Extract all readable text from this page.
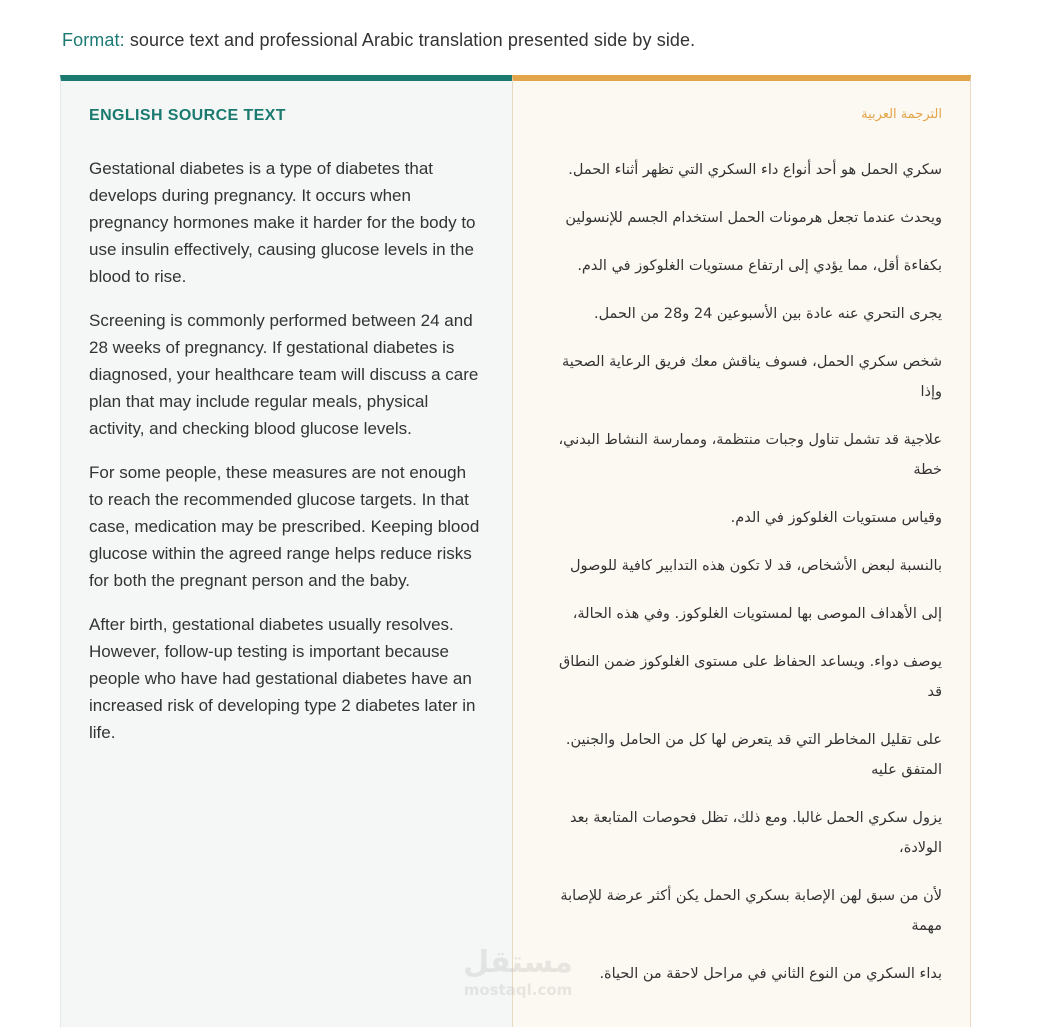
Format: source text and professional Arabic translation presented side by side.
ENGLISH SOURCE TEXT

Gestational diabetes is a type of diabetes that develops during pregnancy. It occurs when pregnancy hormones make it harder for the body to use insulin effectively, causing glucose levels in the blood to rise.

Screening is commonly performed between 24 and 28 weeks of pregnancy. If gestational diabetes is diagnosed, your healthcare team will discuss a care plan that may include regular meals, physical activity, and checking blood glucose levels.

For some people, these measures are not enough to reach the recommended glucose targets. In that case, medication may be prescribed. Keeping blood glucose within the agreed range helps reduce risks for both the pregnant person and the baby.

After birth, gestational diabetes usually resolves. However, follow-up testing is important because people who have had gestational diabetes have an increased risk of developing type 2 diabetes later in life.

الترجمة العربية

سكري الحمل هو أحد أنواع داء السكري التي تظهر أثناء الحمل.

ويحدث عندما تجعل هرمونات الحمل استخدام الجسم للإنسولين

بكفاءة أقل، مما يؤدي إلى ارتفاع مستويات الغلوكوز في الدم.

يجرى التحري عنه عادة بين الأسبوعين 24 و28 من الحمل.

شخص سكري الحمل، فسوف يناقش معك فريق الرعاية الصحية وإذا

علاجية قد تشمل تناول وجبات منتظمة، وممارسة النشاط البدني، خطة

وقياس مستويات الغلوكوز في الدم.

بالنسبة لبعض الأشخاص، قد لا تكون هذه التدابير كافية للوصول

إلى الأهداف الموصى بها لمستويات الغلوكوز. وفي هذه الحالة،

يوصف دواء. ويساعد الحفاظ على مستوى الغلوكوز ضمن النطاق قد

على تقليل المخاطر التي قد يتعرض لها كل من الحامل والجنين. المتفق عليه

يزول سكري الحمل غالبا. ومع ذلك، تظل فحوصات المتابعة بعد الولادة،

لأن من سبق لهن الإصابة بسكري الحمل يكن أكثر عرضة للإصابة مهمة

بداء السكري من النوع الثاني في مراحل لاحقة من الحياة.

مستقل
mostaql.com
